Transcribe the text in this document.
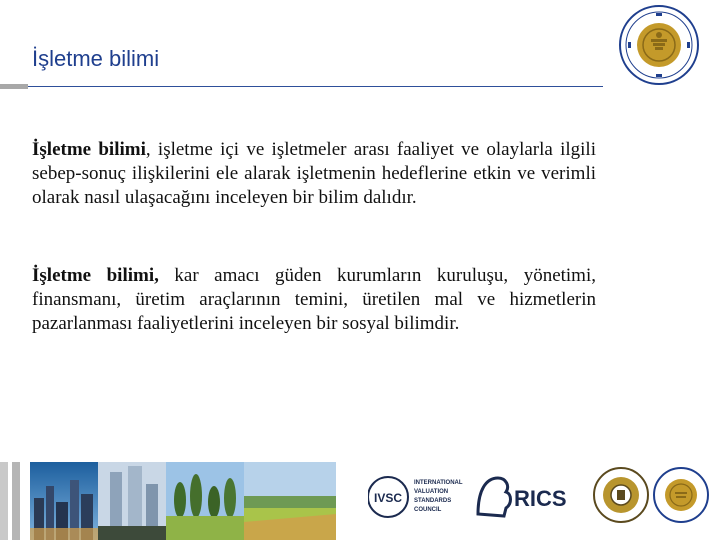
İşletme bilimi

İşletme bilimi, işletme içi ve işletmeler arası faaliyet ve olaylarla ilgili sebep-sonuç ilişkilerini ele alarak işletmenin hedeflerine etkin ve verimli olarak nasıl ulaşacağını inceleyen bir bilim dalıdır.

İşletme bilimi, kar amacı güden kurumların kuruluşu, yönetimi, finansmanı, üretim araçlarının temini, üretilen mal ve hizmetlerin pazarlanması faaliyetlerini inceleyen bir sosyal bilimdir.

IVSC
INTERNATIONAL
VALUATION
STANDARDS
COUNCIL	RICS
